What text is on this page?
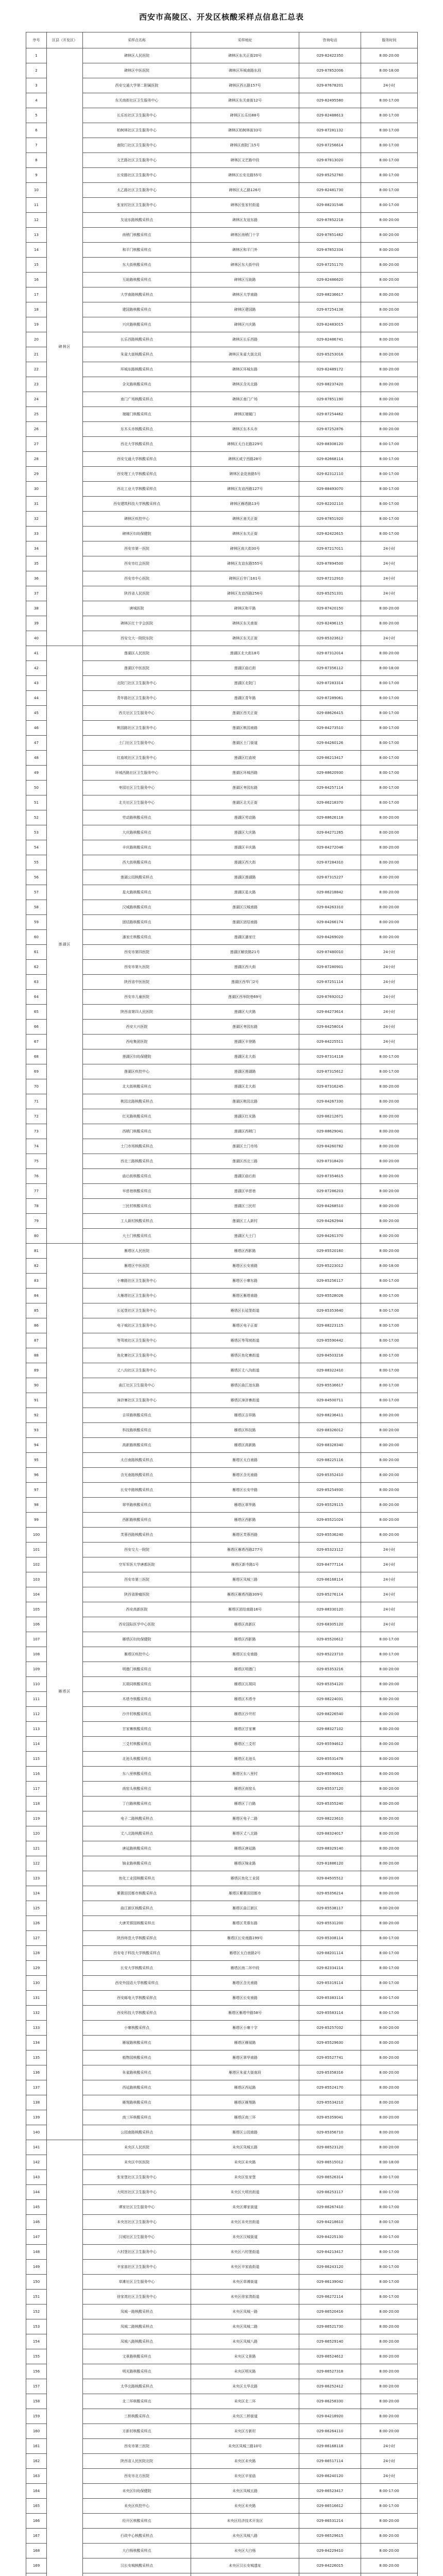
西安市高陵区、开发区核酸采样点信息汇总表
序号	区县（开发区）	采样点名称	采样地址	咨询电话	服务时间
1	碑林区	碑林区人民医院	碑林区东关正街20号	029-82422350	8:00-20:00
2		碑林区中医医院	碑林区环城南路东段	029-87852006	8:00-18:00
3		西安交通大学第二附属医院	碑林区西五路157号	029-87678201	24小时
4		东关南街社区卫生服务中心	碑林区东关南街12号	029-82495580	8:00-17:00
5		长乐坊社区卫生服务中心	碑林区长乐坊88号	029-82488613	8:00-17:00
6		柏树林社区卫生服务中心	碑林区柏树林街33号	029-87281132	8:00-17:00
7		南院门社区卫生服务中心	碑林区南院门15号	029-87256614	8:00-17:00
8		文艺路社区卫生服务中心	碑林区文艺路中段	029-87813020	8:00-17:00
9		长安路社区卫生服务中心	碑林区长安北路55号	029-85252760	8:00-17:00
10		太乙路社区卫生服务中心	碑林区太乙路126号	029-82481730	8:00-17:00
11		张家村社区卫生服务中心	碑林区张家村街道	029-88231546	8:00-17:00
12		友谊东路核酸采样点	碑林区友谊东路	029-87852218	8:00-20:00
13		南稍门核酸采样点	碑林区南稍门十字	029-87851462	8:00-20:00
14		和平门核酸采样点	碑林区和平门外	029-87852334	8:00-20:00
15		东大街核酸采样点	碑林区东大街中段	029-87251170	8:00-20:00
16		互助路核酸采样点	碑林区互助路	029-82486620	8:00-20:00
17		大学南路核酸采样点	碑林区大学南路	029-88236617	8:00-20:00
18		建国路核酸采样点	碑林区建国路	029-87254138	8:00-20:00
19		兴庆路核酸采样点	碑林区兴庆路	029-82483015	8:00-20:00
20		长乐西路核酸采样点	碑林区长乐西路	029-82486741	8:00-20:00
21		朱雀大街核酸采样点	碑林区朱雀大街北段	029-85253016	8:00-20:00
22		环城东路核酸采样点	碑林区环城东路	029-82489172	8:00-20:00
23		含光路核酸采样点	碑林区含光北路	029-88237420	8:00-20:00
24		南门广场核酸采样点	碑林区南门广场	029-87851190	8:00-20:00
25		端履门核酸采样点	碑林区端履门	029-87254462	8:00-20:00
26		东木头市核酸采样点	碑林区东木头市	029-87252876	8:00-20:00
27		西北大学核酸采样点	碑林区太白北路229号	029-88308120	8:00-17:00
28		西安交通大学核酸采样点	碑林区咸宁西路28号	029-82668114	8:00-17:00
29		西安理工大学核酸采样点	碑林区金花南路5号	029-82312110	8:00-17:00
30		西北工业大学核酸采样点	碑林区友谊西路127号	029-88493070	8:00-17:00
31		西安建筑科技大学核酸采样点	碑林区雁塔路13号	029-82202110	8:00-17:00
32		碑林区疾控中心	碑林区南关正街	029-87851920	8:00-17:00
33		碑林区妇幼保健院	碑林区东关正街	029-82422615	8:00-17:00
34		西安市第一医院	碑林区南大街30号	029-87217011	24小时
35		西安市红会医院	碑林区友谊东路555号	029-87894500	24小时
36		西安市中心医院	碑林区后宰门161号	029-87212910	24小时
37		陕西省人民医院	碑林区友谊西路256号	029-85251331	24小时
38		唐城医院	碑林区和平路	029-87420150	8:00-20:00
39		碑林区红十字会医院	碑林区东关南街	029-82496115	8:00-20:00
40		西安交大一附院东院	碑林区东关正街	029-85323612	24小时
41	莲湖区	莲湖区人民医院	莲湖区北大街18号	029-87312014	8:00-20:00
42		莲湖区中医医院	莲湖区庙后街	029-87356112	8:00-18:00
43		北院门社区卫生服务中心	莲湖区北院门	029-87283314	8:00-17:00
44		青年路社区卫生服务中心	莲湖区青年路	029-87289061	8:00-17:00
45		西关社区卫生服务中心	莲湖区西关正街	029-88626415	8:00-17:00
46		桃园路社区卫生服务中心	莲湖区桃园南路	029-84273510	8:00-17:00
47		土门社区卫生服务中心	莲湖区土门街道	029-84260126	8:00-17:00
48		红庙坡社区卫生服务中心	莲湖区红庙坡	029-86213417	8:00-17:00
49		环城西路社区卫生服务中心	莲湖区环城西路	029-88620930	8:00-17:00
50		枣园社区卫生服务中心	莲湖区枣园东路	029-84257114	8:00-17:00
51		北关社区卫生服务中心	莲湖区北关正街	029-86218370	8:00-17:00
52		劳动路核酸采样点	莲湖区劳动路	029-88626118	8:00-20:00
53		大庆路核酸采样点	莲湖区大庆路	029-84271265	8:00-20:00
54		丰庆路核酸采样点	莲湖区丰庆路	029-84272046	8:00-20:00
55		西大街核酸采样点	莲湖区西大街	029-87284310	8:00-20:00
56		莲湖公园核酸采样点	莲湖区莲湖路	029-87315227	8:00-20:00
57		星火路核酸采样点	莲湖区星火路	029-86218842	8:00-20:00
58		汉城路核酸采样点	莲湖区汉城南路	029-84263310	8:00-20:00
59		团结路核酸采样点	莲湖区团结南路	029-84266174	8:00-20:00
60		潘家庄核酸采样点	莲湖区潘家庄	029-84269020	8:00-20:00
61		西安市第四医院	莲湖区解放路21号	029-87480010	24小时
62		西安市第九医院	莲湖区西大街	029-87280901	24小时
63		陕西省中医医院	莲湖区西华门2号	029-87251114	24小时
64		西安市儿童医院	莲湖区西举院巷69号	029-87692012	24小时
65		陕西省第四人民医院	莲湖区大庆路	029-84273614	24小时
66		西安大兴医院	莲湖区枣园东路	029-84258014	24小时
67		西电集团医院	莲湖区丰登路	029-84225511	24小时
68		莲湖区妇幼保健院	莲湖区北大街	029-87314118	8:00-17:00
69		莲湖区疾控中心	莲湖区莲湖路	029-87315612	8:00-17:00
70		北大街核酸采样点	莲湖区北大街	029-87316245	8:00-20:00
71		桃园北路核酸采样点	莲湖区桃园北路	029-84267330	8:00-20:00
72		红光路核酸采样点	莲湖区红光路	029-86212671	8:00-20:00
73		西稍门核酸采样点	莲湖区西稍门	029-88629041	8:00-20:00
74		土门市场核酸采样点	莲湖区土门市场	029-84260782	8:00-20:00
75		西北三路核酸采样点	莲湖区西北三路	029-87318420	8:00-20:00
76		庙后街核酸采样点	莲湖区庙后街	029-87354615	8:00-20:00
77		早慈巷核酸采样点	莲湖区早慈巷	029-87286203	8:00-20:00
78		三民村核酸采样点	莲湖区三民村	029-84268510	8:00-20:00
79		工人新村核酸采样点	莲湖区工人新村	029-84262944	8:00-20:00
80		大土门核酸采样点	莲湖区大土门	029-84261370	8:00-20:00
81	雁塔区	雁塔区人民医院	雁塔区西影路	029-85520160	8:00-20:00
82		雁塔区中医医院	雁塔区长安南路	029-85223012	8:00-18:00
83		小寨路社区卫生服务中心	雁塔区小寨东路	029-85256117	8:00-17:00
84		大雁塔社区卫生服务中心	雁塔区雁塔南路	029-85528026	8:00-17:00
85		长延堡社区卫生服务中心	雁塔区长延堡街道	029-85353640	8:00-17:00
86		电子城社区卫生服务中心	雁塔区电子正街	029-88223115	8:00-17:00
87		等驾坡社区卫生服务中心	雁塔区等驾坡街道	029-85590442	8:00-17:00
88		鱼化寨社区卫生服务中心	雁塔区鱼化寨街道	029-84503216	8:00-17:00
89		丈八沟社区卫生服务中心	雁塔区丈八沟街道	029-88322410	8:00-17:00
90		曲江社区卫生服务中心	雁塔区曲江池东路	029-85536617	8:00-17:00
91		漳浒寨社区卫生服务中心	雁塔区漳浒寨街道	029-84500711	8:00-17:00
92		吉祥路核酸采样点	雁塔区吉祥路	029-88236411	8:00-20:00
93		科技路核酸采样点	雁塔区科技路	029-88326012	8:00-20:00
94		高新路核酸采样点	雁塔区高新路	029-88328340	8:00-20:00
95		太白南路核酸采样点	雁塔区太白南路	029-88225116	8:00-20:00
96		含光南路核酸采样点	雁塔区含光南路	029-85352410	8:00-20:00
97		长安中路核酸采样点	雁塔区长安中路	029-85254930	8:00-20:00
98		翠华路核酸采样点	雁塔区翠华路	029-85529115	8:00-20:00
99		西影路核酸采样点	雁塔区西影路	029-85521024	8:00-20:00
100		芙蓉西路核酸采样点	雁塔区芙蓉西路	029-85536240	8:00-20:00
101		西安交大一附院	雁塔区雁塔西路277号	029-85323112	24小时
102		空军军医大学唐都医院	雁塔区新寺路1号	029-84777114	24小时
103		西安市第三医院	雁塔区凤城三路	029-86168114	24小时
104		陕西省肿瘤医院	雁塔区雁塔西路309号	029-85276114	24小时
105		西安高新医院	雁塔区团结南路16号	029-88330120	24小时
106		西安国际医学中心医院	雁塔区高新区	029-68305120	24小时
107		雁塔区妇幼保健院	雁塔区西影路	029-85520612	8:00-17:00
108		雁塔区疾控中心	雁塔区长安南路	029-85223710	8:00-17:00
109		明德门核酸采样点	雁塔区明德门	029-85353216	8:00-20:00
110		瓦胡同核酸采样点	雁塔区瓦胡同	029-85354120	8:00-20:00
111		木塔寺核酸采样点	雁塔区木塔寺	029-88224031	8:00-20:00
112		沙井村核酸采样点	雁塔区沙井村	029-88226540	8:00-20:00
113		甘家寨核酸采样点	雁塔区甘家寨	029-88327102	8:00-20:00
114		三爻村核酸采样点	雁塔区三爻村	029-85594612	8:00-20:00
115		北池头核酸采样点	雁塔区北池头	029-85531478	8:00-20:00
116		东八里核酸采样点	雁塔区东八里村	029-85590615	8:00-20:00
117		南窑头核酸采样点	雁塔区南窑头	029-85537120	8:00-20:00
118		丁白路核酸采样点	雁塔区丁白路	029-85355240	8:00-20:00
119		电子二路核酸采样点	雁塔区电子二路	029-88223610	8:00-20:00
120		丈八北路核酸采样点	雁塔区丈八北路	029-88324017	8:00-20:00
121		唐延路核酸采样点	雁塔区唐延路	029-88329140	8:00-20:00
122		锦业路核酸采样点	雁塔区锦业路	029-81886120	8:00-20:00
123		鱼化工业园核酸采样点	雁塔区鱼化工业园	029-84505512	8:00-20:00
124		紫薇田园都市核酸采样点	雁塔区紫薇田园都市	029-85356214	8:00-20:00
125		曲江新区核酸采样点	雁塔区曲江新区	029-85538117	8:00-20:00
126		大唐芙蓉园核酸采样点	雁塔区芙蓉东路	029-85531200	8:00-20:00
127		陕西师范大学核酸采样点	雁塔区长安南路199号	029-85308114	8:00-17:00
128		西安电子科技大学核酸采样点	雁塔区太白南路2号	029-88201114	8:00-17:00
129		长安大学核酸采样点	雁塔区南二环中段	029-82334114	8:00-17:00
130		西安外国语大学核酸采样点	雁塔区含光南路	029-85319114	8:00-17:00
131		西安邮电大学核酸采样点	雁塔区长安南路	029-85383114	8:00-17:00
132		西安科技大学核酸采样点	雁塔区雁塔中路58号	029-85583114	8:00-17:00
133		小寨核酸采样点	雁塔区小寨十字	029-85257032	8:00-20:00
134		雁展路核酸采样点	雁塔区雁展路	029-85529630	8:00-20:00
135		植物园核酸采样点	雁塔区翠华南路	029-85527741	8:00-20:00
136		朱雀路核酸采样点	雁塔区朱雀大街南段	029-85358316	8:00-20:00
137		西延路核酸采样点	雁塔区西延路	029-85524170	8:00-20:00
138		雁翔路核酸采样点	雁塔区雁翔路	029-85534210	8:00-20:00
139		南三环核酸采样点	雁塔区南三环	029-85359041	8:00-20:00
140		公园南路核酸采样点	雁塔区公园南路	029-85356710	8:00-20:00
141		未央区人民医院	未央区凤城五路	029-86523120	8:00-20:00
142		未央区中医医院	未央区未央路	029-86515012	8:00-18:00
143		张家堡社区卫生服务中心	未央区张家堡	029-86526314	8:00-17:00
144		大明宫社区卫生服务中心	未央区大明宫街道	029-86253117	8:00-17:00
145		谭家社区卫生服务中心	未央区谭家街道	029-86267410	8:00-17:00
146		未央宫社区卫生服务中心	未央区未央宫街道	029-84218610	8:00-17:00
147		汉城社区卫生服务中心	未央区汉城街道	029-84225130	8:00-17:00
148		六村堡社区卫生服务中心	未央区六村堡街道	029-84213417	8:00-17:00
149		辛家庙社区卫生服务中心	未央区辛家庙街道	029-86243120	8:00-17:00
150		草滩社区卫生服务中心	未央区草滩街道	029-86139042	8:00-17:00
151		徐家湾社区卫生服务中心	未央区徐家湾街道	029-86272114	8:00-17:00
152		凤城一路核酸采样点	未央区凤城一路	029-86520416	8:00-20:00
153		凤城二路核酸采样点	未央区凤城二路	029-86521730	8:00-20:00
154		凤城八路核酸采样点	未央区凤城八路	029-86529140	8:00-20:00
155		文景路核酸采样点	未央区文景路	029-86524612	8:00-20:00
156		明光路核酸采样点	未央区明光路	029-86527318	8:00-20:00
157		太华北路核酸采样点	未央区太华北路	029-86252412	8:00-20:00
158		北二环核酸采样点	未央区北二环	029-86258330	8:00-20:00
159		三桥核酸采样点	未央区三桥街道	029-84218920	8:00-20:00
160		方新村核酸采样点	未央区方新村	029-86264110	8:00-20:00
161		西安市第三医院	未央区凤城三路10号	029-86168118	24小时
162		陕西省人民医院北院	未央区未央路	029-86517114	24小时
163		西安市北方医院	未央区辛家庙	029-86240120	24小时
164		未央区妇幼保健院	未央区凤城五路	029-86523417	8:00-17:00
165		未央区疾控中心	未央区未央路	029-86516612	8:00-17:00
166		经开区核酸采样点	未央区经济技术开发区	029-86531214	8:00-20:00
167		行政中心核酸采样点	未央区凤城八路	029-86529615	8:00-20:00
168		大白杨核酸采样点	未央区大白杨	029-84229410	8:00-20:00
169		汉长安城核酸采样点	未央区汉长安城遗址	029-84226015	8:00-20:00
